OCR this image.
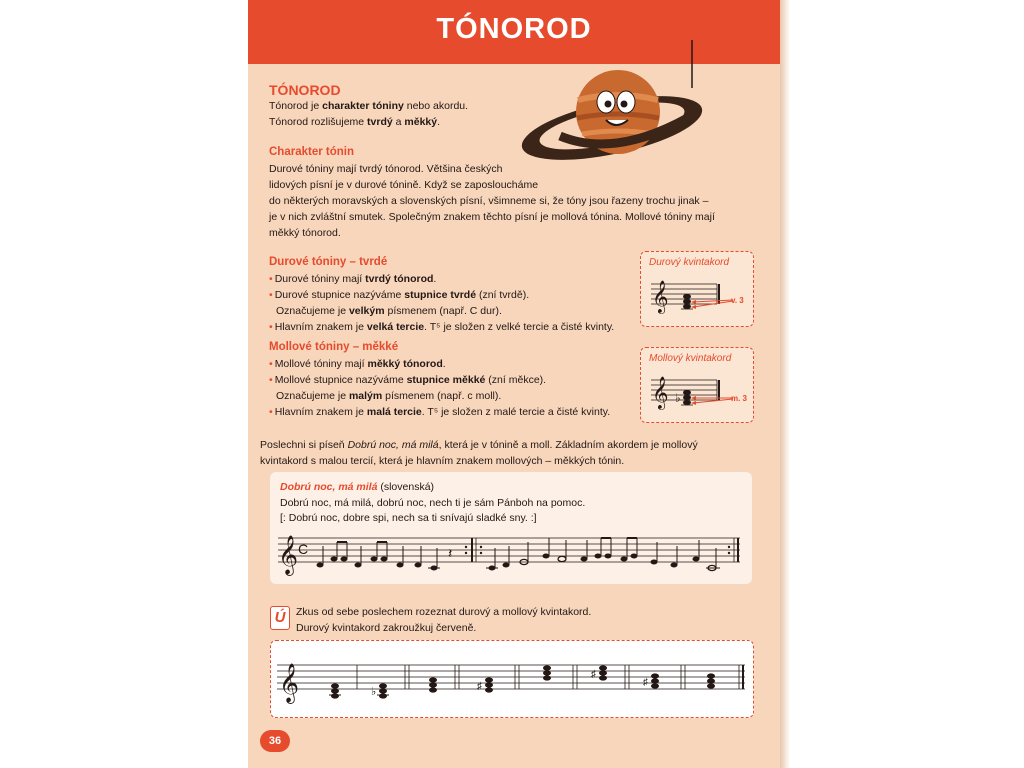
TÓNOROD
TÓNOROD
Tónorod je charakter tóniny nebo akordu.
Tónorod rozlišujeme tvrdý a měkký.
Charakter tónin
Durové tóniny mají tvrdý tónorod. Většina českých
lidových písní je v durové tónině. Když se zaposloucháme
do některých moravských a slovenských písní, všimneme si, že tóny jsou řazeny trochu jinak –
je v nich zvláštní smutek. Společným znakem těchto písní je mollová tónina. Mollové tóniny mají
měkký tónorod.
Durové tóniny – tvrdé
• Durové tóniny mají tvrdý tónorod.
• Durové stupnice nazýváme stupnice tvrdé (zní tvrdě).
Označujeme je velkým písmenem (např. C dur).
• Hlavním znakem je velká tercie. T⁵ je složen z velké tercie a čisté kvinty.
Mollové tóniny – měkké
• Mollové tóniny mají měkký tónorod.
• Mollové stupnice nazýváme stupnice měkké (zní měkce).
Označujeme je malým písmenem (např. c moll).
• Hlavním znakem je malá tercie. T⁵ je složen z malé tercie a čisté kvinty.
Durový kvintakord
𝄞	v. 3
Mollový kvintakord
𝄞 ♭	m. 3
Poslechni si píseň Dobrú noc, má milá, která je v tónině a moll. Základním akordem je mollový
kvintakord s malou tercií, která je hlavním znakem mollových – měkkých tónin.
Dobrú noc, má milá (slovenská)
Dobrú noc, má milá, dobrú noc, nech ti je sám Pánboh na pomoc.
[: Dobrú noc, dobre spi, nech sa ti snívajú sladké sny. :]
𝄞 C	𝄽
Ú	Zkus od sebe poslechem rozeznat durový a mollový kvintakord.
Durový kvintakord zakroužkuj červeně.
𝄞	♭	♯
♯
♯
36
